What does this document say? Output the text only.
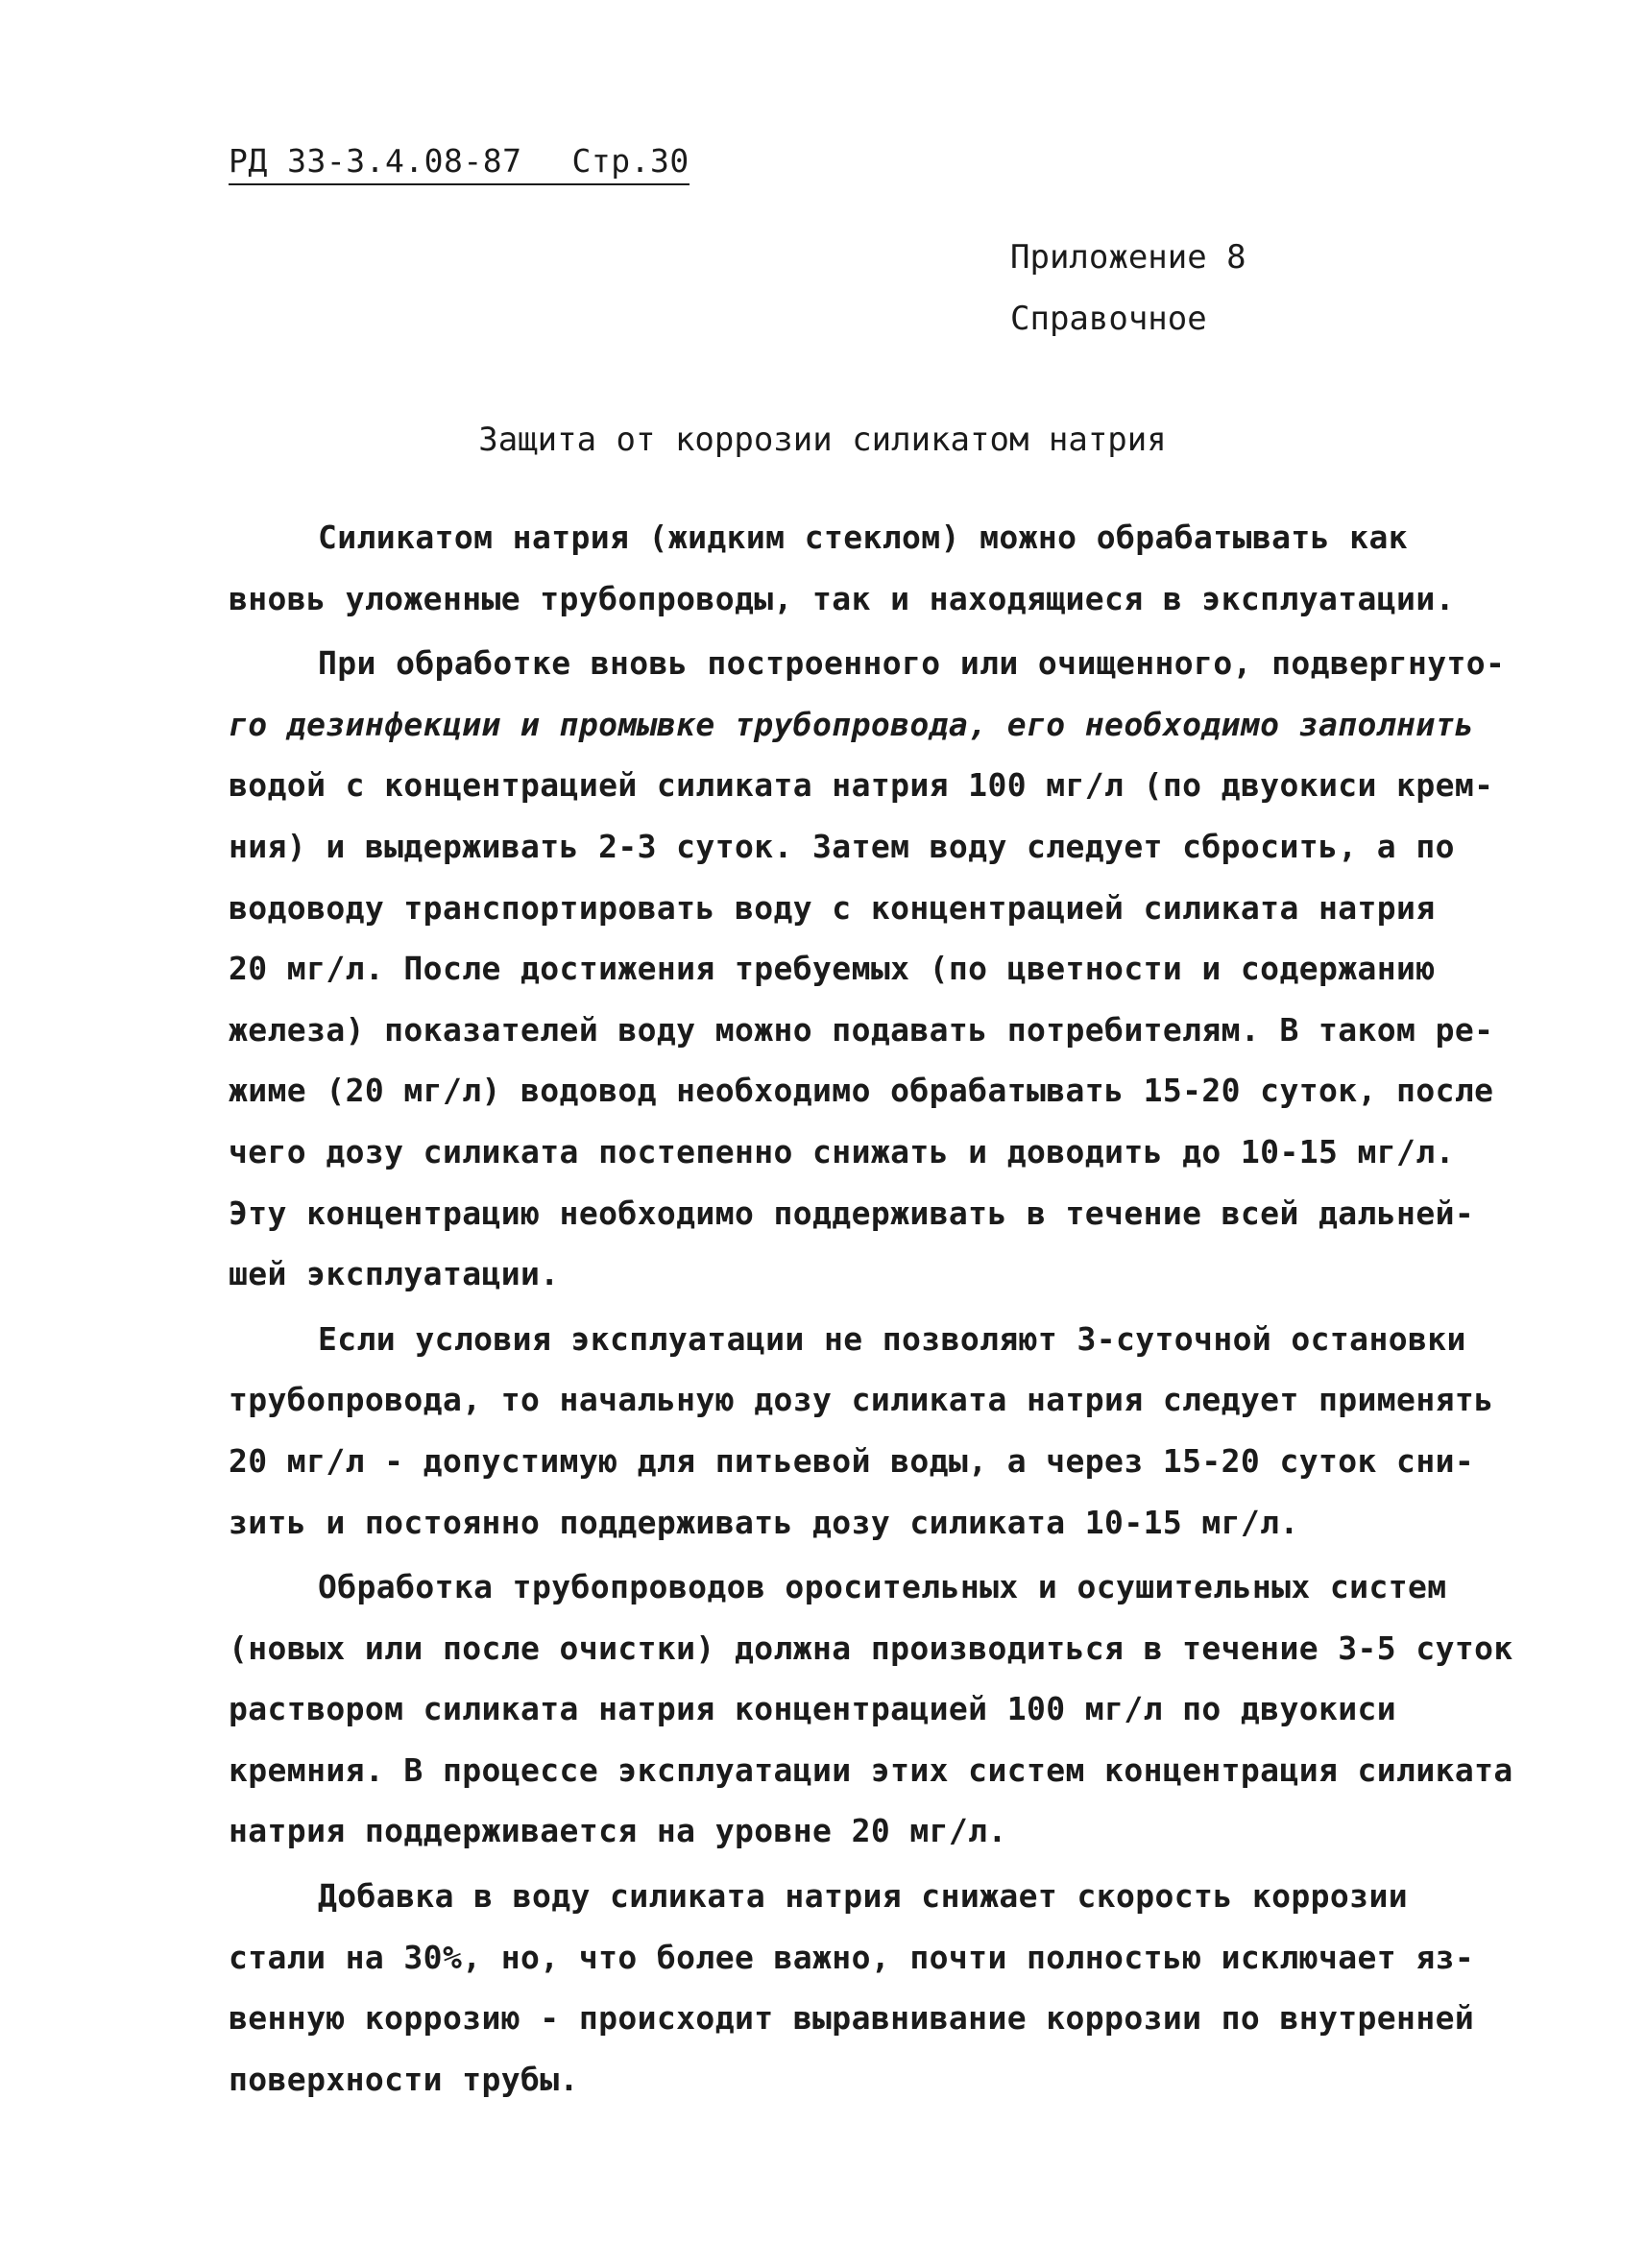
РД 33-3.4.08-87 Стр.30
Приложение 8
Справочное
Защита от коррозии силикатом натрия
Силикатом натрия (жидким стеклом) можно обрабатывать как
вновь уложенные трубопроводы, так и находящиеся в эксплуатации.
При обработке вновь построенного или очищенного, подвергнуто-
го дезинфекции и промывке трубопровода, его необходимо заполнить
водой с концентрацией силиката натрия 100 мг/л (по двуокиси крем-
ния) и выдерживать 2-3 суток. Затем воду следует сбросить, а по
водоводу транспортировать воду с концентрацией силиката натрия
20 мг/л. После достижения требуемых (по цветности и содержанию
железа) показателей воду можно подавать потребителям. В таком ре-
жиме (20 мг/л) водовод необходимо обрабатывать 15-20 суток, после
чего дозу силиката постепенно снижать и доводить до 10-15 мг/л.
Эту концентрацию необходимо поддерживать в течение всей дальней-
шей эксплуатации.
Если условия эксплуатации не позволяют 3-суточной остановки
трубопровода, то начальную дозу силиката натрия следует применять
20 мг/л - допустимую для питьевой воды, а через 15-20 суток сни-
зить и постоянно поддерживать дозу силиката 10-15 мг/л.
Обработка трубопроводов оросительных и осушительных систем
(новых или после очистки) должна производиться в течение 3-5 суток
раствором силиката натрия концентрацией 100 мг/л по двуокиси
кремния. В процессе эксплуатации этих систем концентрация силиката
натрия поддерживается на уровне 20 мг/л.
Добавка в воду силиката натрия снижает скорость коррозии
стали на 30%, но, что более важно, почти полностью исключает яз-
венную коррозию - происходит выравнивание коррозии по внутренней
поверхности трубы.
